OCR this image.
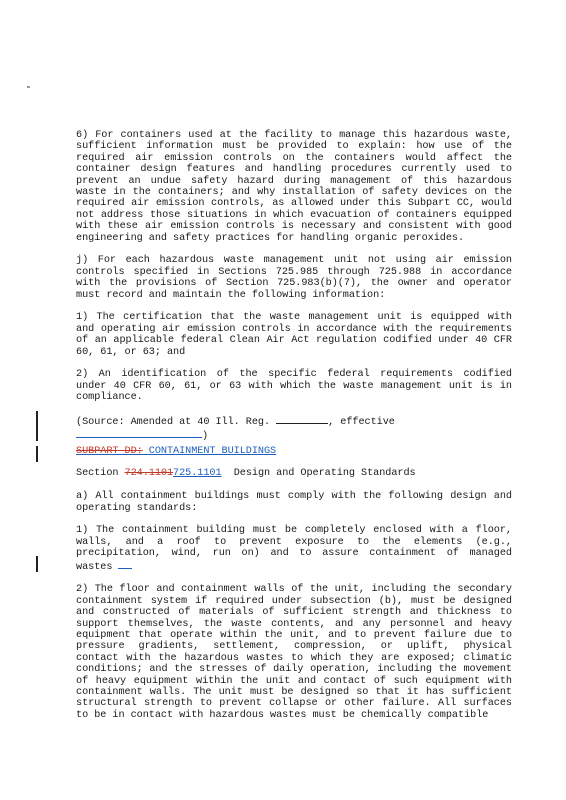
6) For containers used at the facility to manage this hazardous waste, sufficient information must be provided to explain: how use of the required air emission controls on the containers would affect the container design features and handling procedures currently used to prevent an undue safety hazard during management of this hazardous waste in the containers; and why installation of safety devices on the required air emission controls, as allowed under this Subpart CC, would not address those situations in which evacuation of containers equipped with these air emission controls is necessary and consistent with good engineering and safety practices for handling organic peroxides.

j) For each hazardous waste management unit not using air emission controls specified in Sections 725.985 through 725.988 in accordance with the provisions of Section 725.983(b)(7), the owner and operator must record and maintain the following information:

1) The certification that the waste management unit is equipped with and operating air emission controls in accordance with the requirements of an applicable federal Clean Air Act regulation codified under 40 CFR 60, 61, or 63; and

2) An identification of the specific federal requirements codified under 40 CFR 60, 61, or 63 with which the waste management unit is in compliance.

(Source: Amended at 40 Ill. Reg.	, effective
)

SUBPART DD: CONTAINMENT BUILDINGS

Section 724.1101725.1101 Design and Operating Standards

a) All containment buildings must comply with the following design and operating standards:

1) The containment building must be completely enclosed with a floor, walls, and a roof to prevent exposure to the elements (e.g., precipitation, wind, run on) and to assure containment of managed wastes

2) The floor and containment walls of the unit, including the secondary containment system if required under subsection (b), must be designed and constructed of materials of sufficient strength and thickness to support themselves, the waste contents, and any personnel and heavy equipment that operate within the unit, and to prevent failure due to pressure gradients, settlement, compression, or uplift, physical contact with the hazardous wastes to which they are exposed; climatic conditions; and the stresses of daily operation, including the movement of heavy equipment within the unit and contact of such equipment with containment walls. The unit must be designed so that it has sufficient structural strength to prevent collapse or other failure. All surfaces to be in contact with hazardous wastes must be chemically compatible
